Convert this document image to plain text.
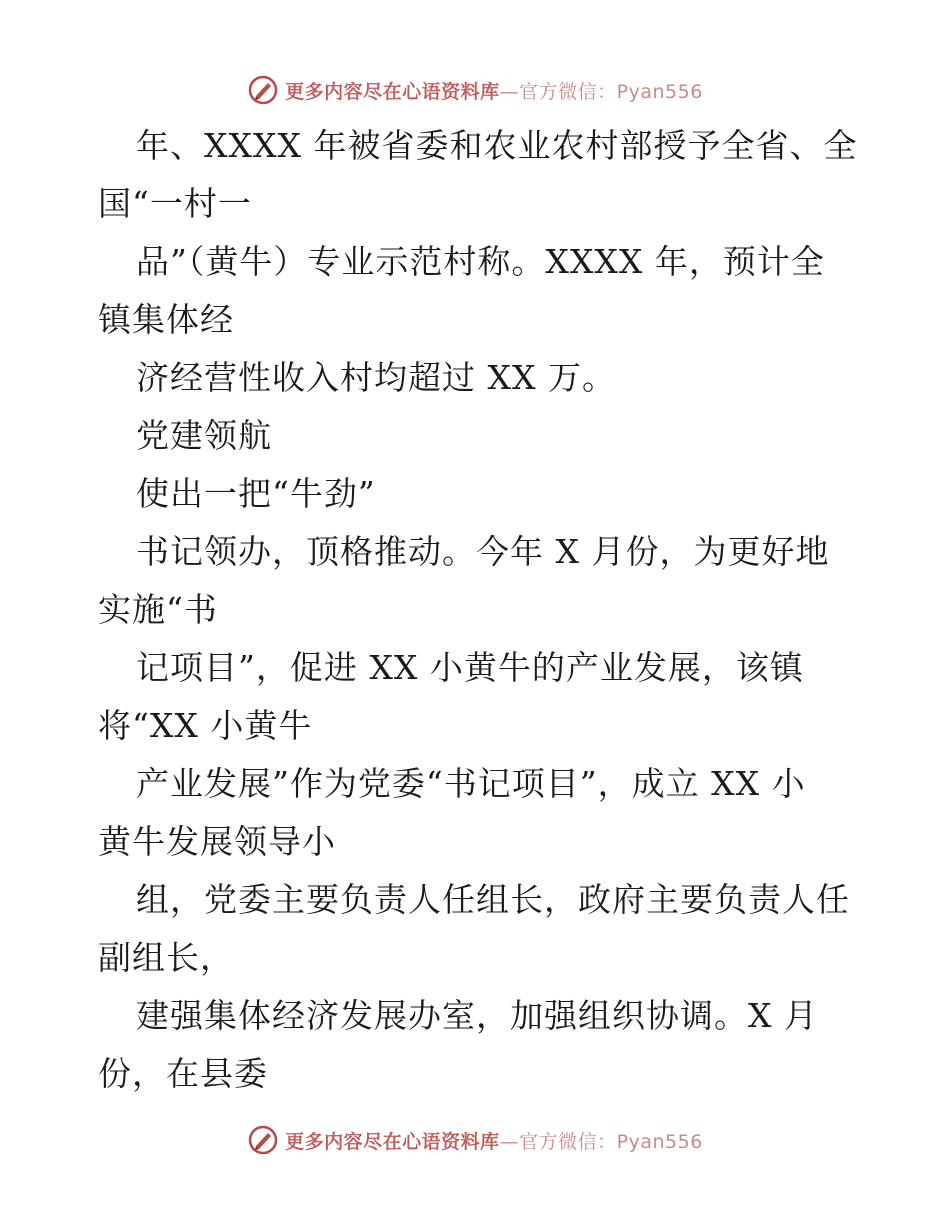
更多内容尽在心语资料库—官方微信：Pyan556
年、XXXX 年被省委和农业农村部授予全省、全
国“一村一
品”（黄牛）专业示范村称。XXXX 年，预计全
镇集体经
济经营性收入村均超过 XX 万。
党建领航
使出一把“牛劲”
书记领办，顶格推动。今年 X 月份，为更好地
实施“书
记项目”，促进 XX 小黄牛的产业发展，该镇
将“XX 小黄牛
产业发展”作为党委“书记项目”，成立 XX 小
黄牛发展领导小
组，党委主要负责人任组长，政府主要负责人任
副组长，
建强集体经济发展办室，加强组织协调。X 月
份，在县委
更多内容尽在心语资料库—官方微信：Pyan556
